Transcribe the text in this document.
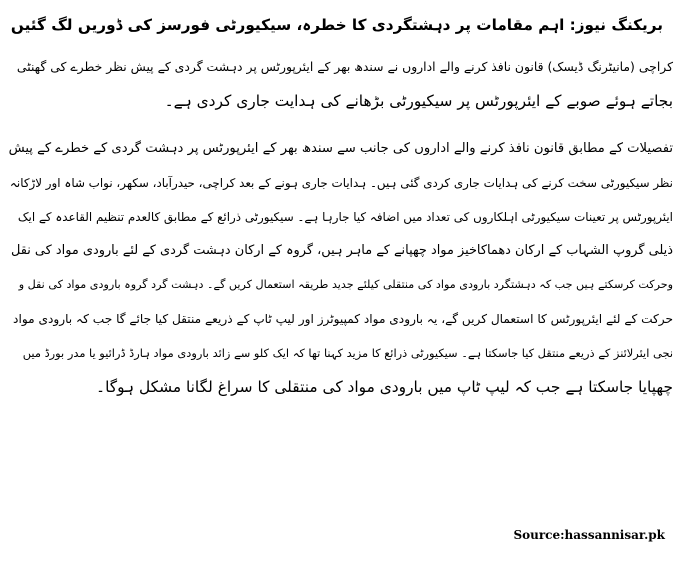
بریکنگ نیوز: اہم مقامات پر دہشتگردی کا خطرہ، سیکیورٹی فورسز کی ڈوریں لگ گئیں
کراچی (مانیٹرنگ ڈیسک) قانون نافذ کرنے والے اداروں نے سندھ بھر کے ایئرپورٹس پر دہشت گردی کے پیش نظر خطرے کی گھنٹی
بجاتے ہوئے صوبے کے ایئرپورٹس پر سیکیورٹی بڑھانے کی ہدایت جاری کردی ہے۔
تفصیلات کے مطابق قانون نافذ کرنے والے اداروں کی جانب سے سندھ بھر کے ایئرپورٹس پر دہشت گردی کے خطرے کے پیش
نظر سیکیورٹی سخت کرنے کی ہدایات جاری کردی گئی ہیں۔ ہدایات جاری ہونے کے بعد کراچی، حیدرآباد، سکھر، نواب شاہ اور لاڑکانہ
ایئرپورٹس پر تعینات سیکیورٹی اہلکاروں کی تعداد میں اضافہ کیا جارہا ہے۔ سیکیورٹی ذرائع کے مطابق کالعدم تنظیم القاعدہ کے ایک
ذیلی گروپ الشہاب کے ارکان دھماکاخیز مواد چھپانے کے ماہر ہیں، گروہ کے ارکان دہشت گردی کے لئے بارودی مواد کی نقل
وحرکت کرسکتے ہیں جب کہ دہشتگرد بارودی مواد کی منتقلی کیلئے جدید طریقہ استعمال کریں گے۔ دہشت گرد گروہ بارودی مواد کی نقل و
حرکت کے لئے ایئرپورٹس کا استعمال کریں گے، یہ بارودی مواد کمپیوٹرز اور لیپ ٹاپ کے ذریعے منتقل کیا جائے گا جب کہ بارودی مواد
نجی ایئرلائنز کے ذریعے منتقل کیا جاسکتا ہے۔ سیکیورٹی ذرائع کا مزید کہنا تھا کہ ایک کلو سے زائد بارودی مواد ہارڈ ڈرائیو یا مدر بورڈ میں
چھپایا جاسکتا ہے جب کہ لیپ ٹاپ میں بارودی مواد کی منتقلی کا سراغ لگانا مشکل ہوگا۔
Source:hassannisar.pk
